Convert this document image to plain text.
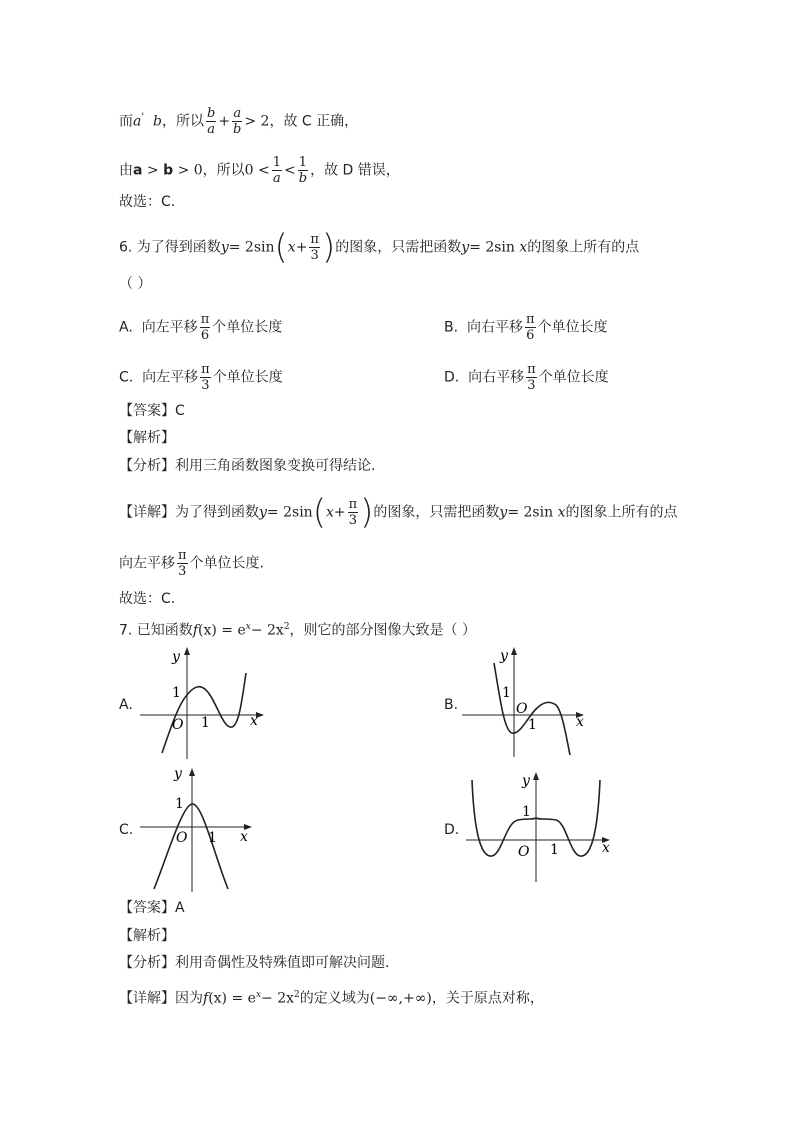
而a' b，所以 $\frac{b}{a} + \frac{a}{b} > 2$，故 C 正确，
由a > b > 0，所以$0 < \frac{1}{a} < \frac{1}{b}$ ，故 D 错误，
故选：C.
6. 为了得到函数$y= 2\sin(x+ \frac{\pi}{3}$ )的图象，只需把函数y= 2sin x的图象上所有的点
（ ）
A. 向左平移 $\frac{\pi}{6}$ 个单位长度	B. 向右平移 $\frac{\pi}{6}$ 个单位长度
C. 向左平移 $\frac{\pi}{3}$ 个单位长度	D. 向右平移 $\frac{\pi}{3}$ 个单位长度
【答案】C
【解析】
【分析】利用三角函数图象变换可得结论.
【详解】为了得到函数$y= 2\sin(x+ \frac{\pi}{3}$ )的图象，只需把函数y= 2sin x的图象上所有的点
向左平移 $\frac{\pi}{3}$ 个单位长度.
故选：C.
7. 已知函数$f(x) = e^x- 2x^2$，则它的部分图像大致是（ ）
A.
y
x
O
1
1
B.
y
x
O
1
1
C.
y
x
O
1
1	D.
y
x
O
1
1
【答案】A
【解析】
【分析】利用奇偶性及特殊值即可解决问题.
【详解】因为$f(x) = e^x- 2x^2$的定义域为(−∞,+∞)，关于原点对称，
